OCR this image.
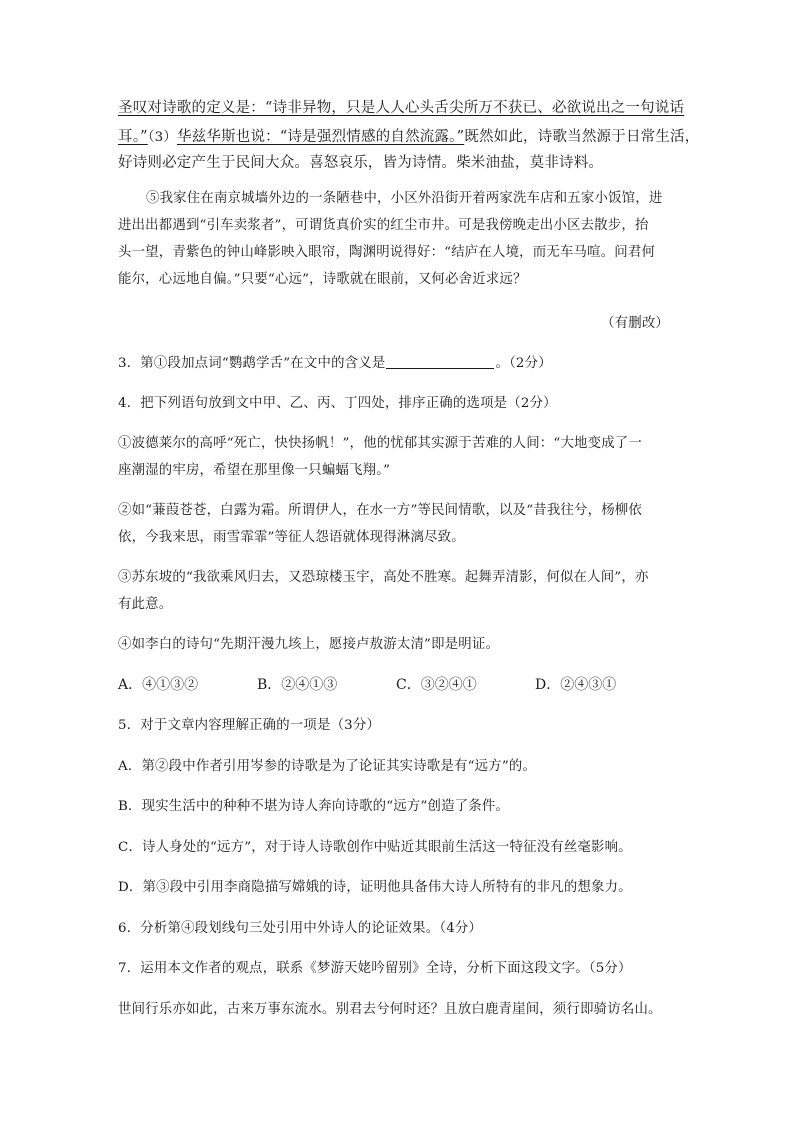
圣叹对诗歌的定义是：“诗非异物，只是人人心头舌尖所万不获已、必欲说出之一句说话
耳。”（3）华兹华斯也说：“诗是强烈情感的自然流露。”既然如此，诗歌当然源于日常生活，
好诗则必定产生于民间大众。喜怒哀乐，皆为诗情。柴米油盐，莫非诗料。
⑤我家住在南京城墙外边的一条陋巷中，小区外沿街开着两家洗车店和五家小饭馆，进
进出出都遇到“引车卖浆者”，可谓货真价实的红尘市井。可是我傍晚走出小区去散步，抬
头一望，青紫色的钟山峰影映入眼帘，陶渊明说得好：“结庐在人境，而无车马喧。问君何
能尔，心远地自偏。”只要“心远”，诗歌就在眼前，又何必舍近求远？
（有删改）
3．第①段加点词“鹦鹉学舌”在文中的含义是	。（2分）
4．把下列语句放到文中甲、乙、丙、丁四处，排序正确的选项是（2分）
①波德莱尔的高呼“死亡，快快扬帆！”，他的忧郁其实源于苦难的人间：“大地变成了一
座潮湿的牢房，希望在那里像一只蝙蝠飞翔。”
②如“蒹葭苍苍，白露为霜。所谓伊人，在水一方”等民间情歌，以及“昔我往兮，杨柳依
依，今我来思，雨雪霏霏”等征人怨语就体现得淋漓尽致。
③苏东坡的“我欲乘风归去，又恐琼楼玉宇，高处不胜寒。起舞弄清影，何似在人间”，亦
有此意。
④如李白的诗句“先期汗漫九垓上，愿接卢敖游太清”即是明证。
A．④①③②	B．②④①③	C．③②④①	D．②④③①
5．对于文章内容理解正确的一项是（3分）
A．第②段中作者引用岑参的诗歌是为了论证其实诗歌是有“远方”的。
B．现实生活中的种种不堪为诗人奔向诗歌的“远方”创造了条件。
C．诗人身处的“远方”，对于诗人诗歌创作中贴近其眼前生活这一特征没有丝毫影响。
D．第③段中引用李商隐描写嫦娥的诗，证明他具备伟大诗人所特有的非凡的想象力。
6．分析第④段划线句三处引用中外诗人的论证效果。（4分）
7．运用本文作者的观点，联系《梦游天姥吟留别》全诗，分析下面这段文字。（5分）
世间行乐亦如此，古来万事东流水。别君去兮何时还？且放白鹿青崖间，须行即骑访名山。
